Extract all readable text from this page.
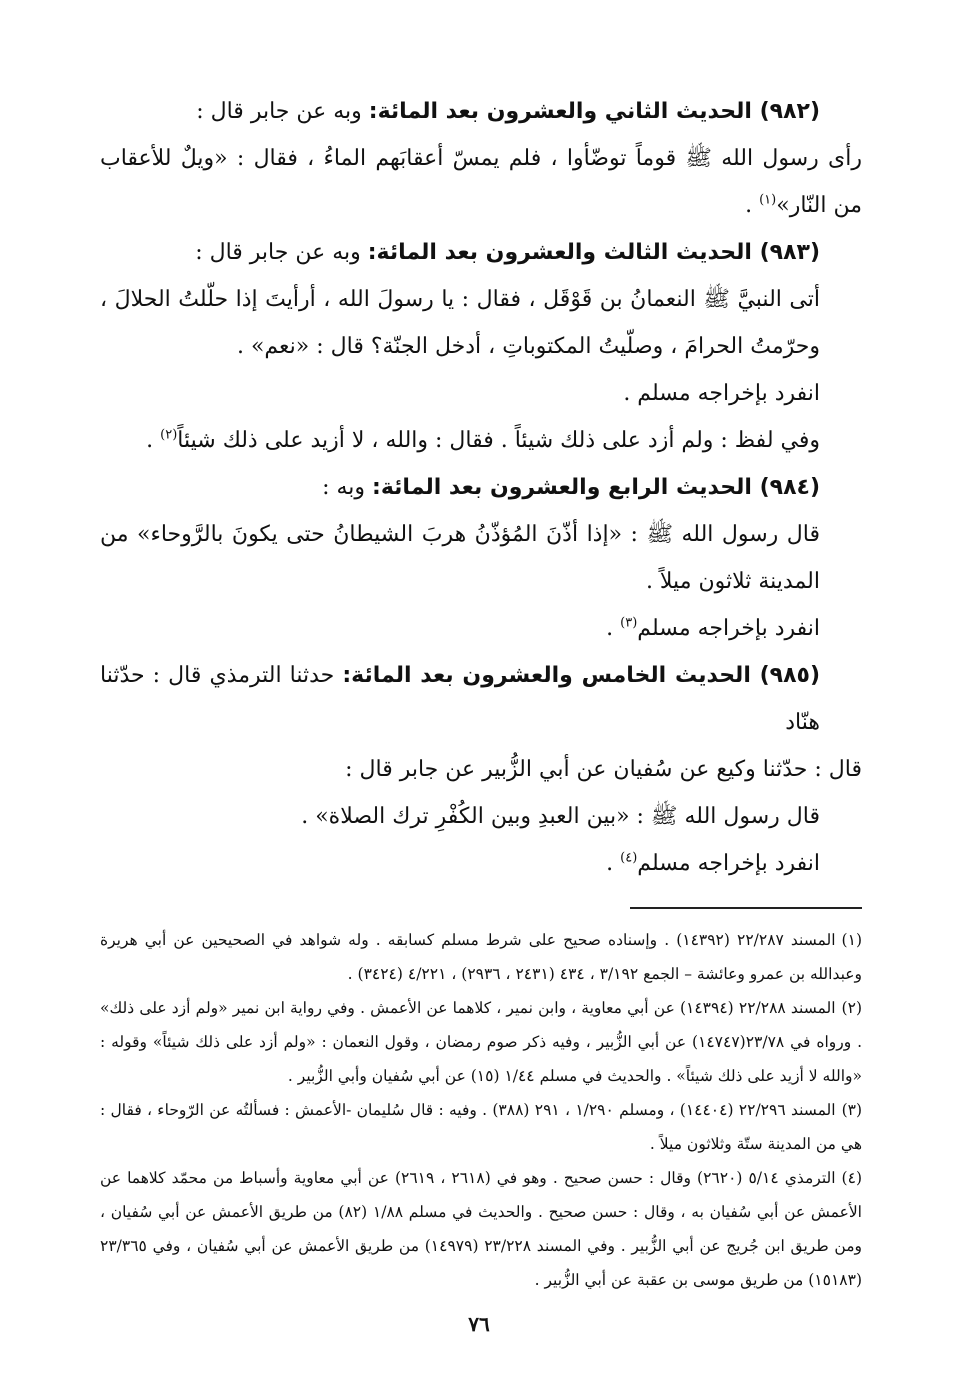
(٩٨٢) الحديث الثاني والعشرون بعد المائة: وبه عن جابر قال :

رأى رسول الله ﷺ قوماً توضّأوا ، فلم يمسّ أعقابَهم الماءُ ، فقال : «ويلٌ للأعقاب من النّار»$^{(١)}$ .

(٩٨٣) الحديث الثالث والعشرون بعد المائة: وبه عن جابر قال :

أتى النبيَّ ﷺ النعمانُ بن قَوْقَل ، فقال : يا رسولَ الله ، أرأيتَ إذا حلّلتُ الحلالَ ، وحرّمتُ الحرامَ ، وصلّيتُ المكتوباتِ ، أدخل الجنّة؟ قال : «نعم» .

انفرد بإخراجه مسلم .

وفي لفظ : ولم أزد على ذلك شيئاً . فقال : والله ، لا أزيد على ذلك شيئاً$^{(٢)}$ .

(٩٨٤) الحديث الرابع والعشرون بعد المائة: وبه :

قال رسول الله ﷺ : «إذا أذّنَ المُؤذّنُ هربَ الشيطانُ حتى يكونَ بالرَّوحاء» من المدينة ثلاثون ميلاً .

انفرد بإخراجه مسلم$^{(٣)}$ .

(٩٨٥) الحديث الخامس والعشرون بعد المائة: حدثنا الترمذي قال : حدّثنا هنّاد

قال : حدّثنا وكيع عن سُفيان عن أبي الزُّبير عن جابر قال :

قال رسول الله ﷺ : «بين العبدِ وبين الكُفْرِ ترك الصلاة» .

انفرد بإخراجه مسلم$^{(٤)}$ .

(١)المسند ٢٢/٢٨٧ (١٤٣٩٢) . وإسناده صحيح على شرط مسلم كسابقه . وله شواهد في الصحيحين عن أبي هريرة وعبدالله بن عمرو وعائشة – الجمع ٣/١٩٢ ، ٤٣٤ (٢٤٣١ ، ٢٩٣٦) ، ٤/٢٢١ (٣٤٢٤) .

(٢)المسند ٢٢/٢٨٨ (١٤٣٩٤) عن أبي معاوية ، وابن نمير ، كلاهما عن الأعمش . وفي رواية ابن نمير «ولم أزد على ذلك» . ورواه في ٢٣/٧٨(١٤٧٤٧) عن أبي الزُّبير ، وفيه ذكر صوم رمضان ، وقول النعمان : «ولم أزد على ذلك شيئاً» وقوله : «والله لا أزيد على ذلك شيئاً» . والحديث في مسلم ١/٤٤ (١٥) عن أبي سُفيان وأبي الزُّبير .

(٣)المسند ٢٢/٢٩٦ (١٤٤٠٤) ، ومسلم ١/٢٩٠ ، ٢٩١ (٣٨٨) . وفيه : قال سُليمان -الأعمش : فسألتُه عن الرّوحاء ، فقال : هي من المدينة ستّة وثلاثون ميلاً .

(٤)الترمذي ٥/١٤ (٢٦٢٠) وقال : حسن صحيح . وهو في (٢٦١٨ ، ٢٦١٩) عن أبي معاوية وأسباط من محمّد كلاهما عن الأعمش عن أبي سُفيان به ، وقال : حسن صحيح . والحديث في مسلم ١/٨٨ (٨٢) من طريق الأعمش عن أبي سُفيان ، ومن طريق ابن جُريج عن أبي الزُّبير . وفي المسند ٢٣/٢٢٨ (١٤٩٧٩) من طريق الأعمش عن أبي سُفيان ، وفي ٢٣/٣٦٥ (١٥١٨٣) من طريق موسى بن عقبة عن أبي الزُّبير .

٧٦
